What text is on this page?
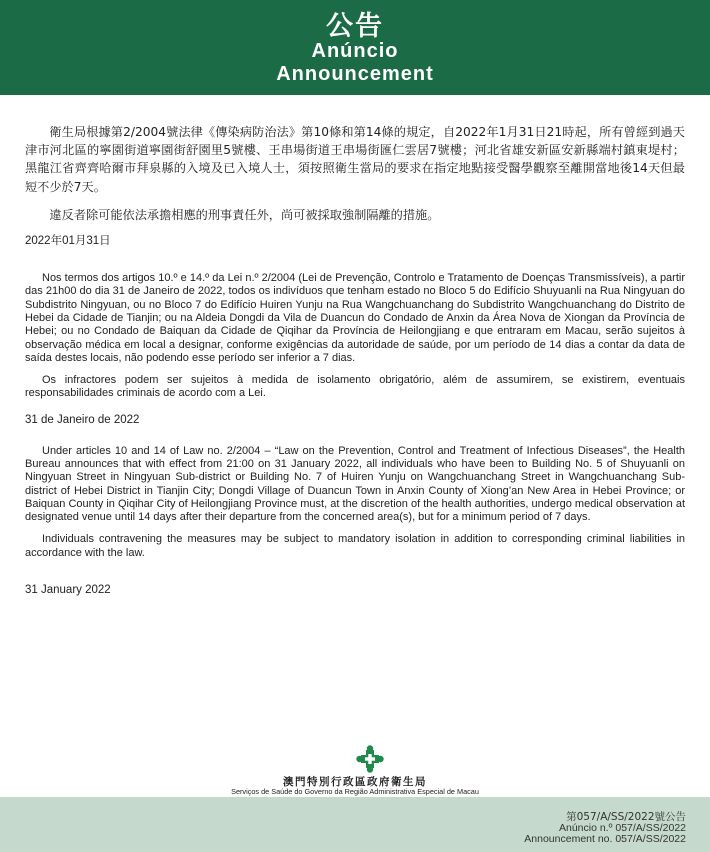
公告
Anúncio
Announcement

衛生局根據第2/2004號法律《傳染病防治法》第10條和第14條的規定，自2022年1月31日21時起，所有曾經到過天津市河北區的寧園街道寧園街舒園里5號樓、王串場街道王串場街匯仁雲居7號樓；河北省雄安新區安新縣端村鎮東堤村；黑龍江省齊齊哈爾市拜泉縣的入境及已入境人士，須按照衛生當局的要求在指定地點接受醫學觀察至離開當地後14天但最短不少於7天。

違反者除可能依法承擔相應的刑事責任外，尚可被採取強制隔離的措施。

2022年01月31日

Nos termos dos artigos 10.º e 14.º da Lei n.º 2/2004 (Lei de Prevenção, Controlo e Tratamento de Doenças Transmissíveis), a partir das 21h00 do dia 31 de Janeiro de 2022, todos os indivíduos que tenham estado no Bloco 5 do Edifício Shuyuanli na Rua Ningyuan do Subdistrito Ningyuan, ou no Bloco 7 do Edifício Huiren Yunju na Rua Wangchuanchang do Subdistrito Wangchuanchang do Distrito de Hebei da Cidade de Tianjin; ou na Aldeia Dongdi da Vila de Duancun do Condado de Anxin da Área Nova de Xiongan da Província de Hebei; ou no Condado de Baiquan da Cidade de Qiqihar da Província de Heilongjiang e que entraram em Macau, serão sujeitos à observação médica em local a designar, conforme exigências da autoridade de saúde, por um período de 14 dias a contar da data de saída destes locais, não podendo esse período ser inferior a 7 dias.

Os infractores podem ser sujeitos à medida de isolamento obrigatório, além de assumirem, se existirem, eventuais responsabilidades criminais de acordo com a Lei.

31 de Janeiro de 2022

Under articles 10 and 14 of Law no. 2/2004 – “Law on the Prevention, Control and Treatment of Infectious Diseases”, the Health Bureau announces that with effect from 21:00 on 31 January 2022, all individuals who have been to Building No. 5 of Shuyuanli on Ningyuan Street in Ningyuan Sub-district or Building No. 7 of Huiren Yunju on Wangchuanchang Street in Wangchuanchang Sub-district of Hebei District in Tianjin City; Dongdi Village of Duancun Town in Anxin County of Xiong’an New Area in Hebei Province; or Baiquan County in Qiqihar City of Heilongjiang Province must, at the discretion of the health authorities, undergo medical observation at designated venue until 14 days after their departure from the concerned area(s), but for a minimum period of 7 days.

Individuals contravening the measures may be subject to mandatory isolation in addition to corresponding criminal liabilities in accordance with the law.

31 January 2022

澳門特別行政區政府衛生局
Serviços de Saúde do Governo da Região Administrativa Especial de Macau
第057/A/SS/2022號公告
Anúncio n.º 057/A/SS/2022
Announcement no. 057/A/SS/2022
